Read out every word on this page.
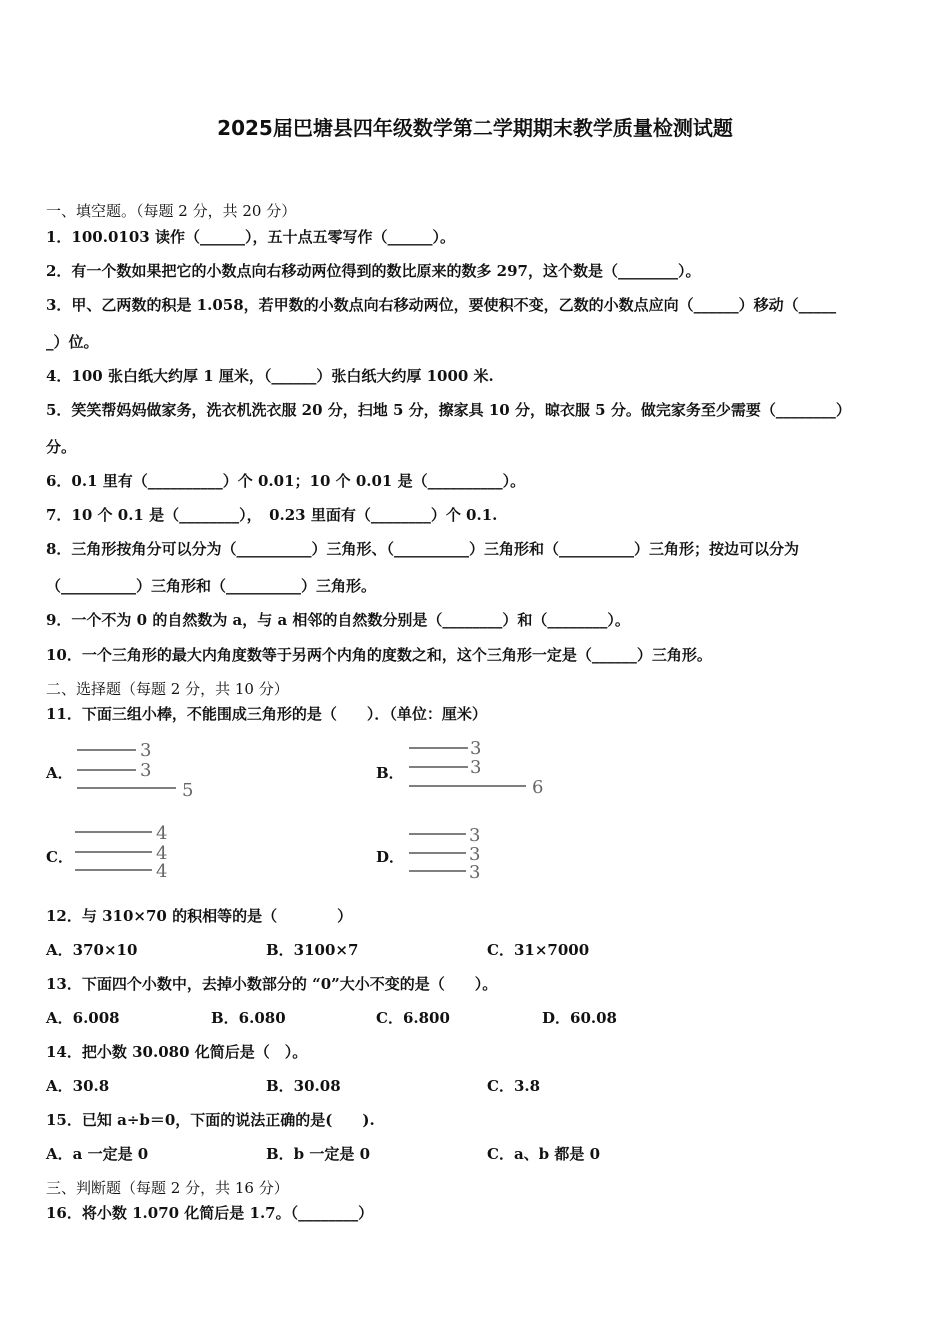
2025届巴塘县四年级数学第二学期期末教学质量检测试题
一、填空题。（每题 2 分，共 20 分）
1．100.0103 读作（______），五十点五零写作（______）。
2．有一个数如果把它的小数点向右移动两位得到的数比原来的数多 297，这个数是（________）。
3．甲、乙两数的积是 1.058，若甲数的小数点向右移动两位，要使积不变，乙数的小数点应向（______）移动（_____
_）位。
4．100 张白纸大约厚 1 厘米，（______）张白纸大约厚 1000 米.
5．笑笑帮妈妈做家务，洗衣机洗衣服 20 分，扫地 5 分，擦家具 10 分，晾衣服 5 分。做完家务至少需要（________）
分。
6．0.1 里有（__________）个 0.01；10 个 0.01 是（__________）。
7．10 个 0.1 是（________），　0.23 里面有（________）个 0.1.
8．三角形按角分可以分为（__________）三角形、（__________）三角形和（__________）三角形；按边可以分为
（__________）三角形和（__________）三角形。
9．一个不为 0 的自然数为 a，与 a 相邻的自然数分别是（________）和（________）。
10．一个三角形的最大内角度数等于另两个内角的度数之和，这个三角形一定是（______）三角形。
二、选择题（每题 2 分，共 10 分）
11．下面三组小棒，不能围成三角形的是（　　）．（单位：厘米）
A．
3
3
5
B．
3
3
6
C．
4
4
4
D．
3
3
3
12．与 310×70 的积相等的是（　　　　）
A．370×10	B．3100×7	C．31×7000
13．下面四个小数中，去掉小数部分的 “0”大小不变的是（　　）。
A．6.008	B．6.080	C．6.800	D．60.08
14．把小数 30.080 化简后是（　）。
A．30.8	B．30.08	C．3.8
15．已知 a÷b＝0，下面的说法正确的是(　　).
A．a 一定是 0	B．b 一定是 0	C．a、b 都是 0
三、判断题（每题 2 分，共 16 分）
16．将小数 1.070 化简后是 1.7。（________）
